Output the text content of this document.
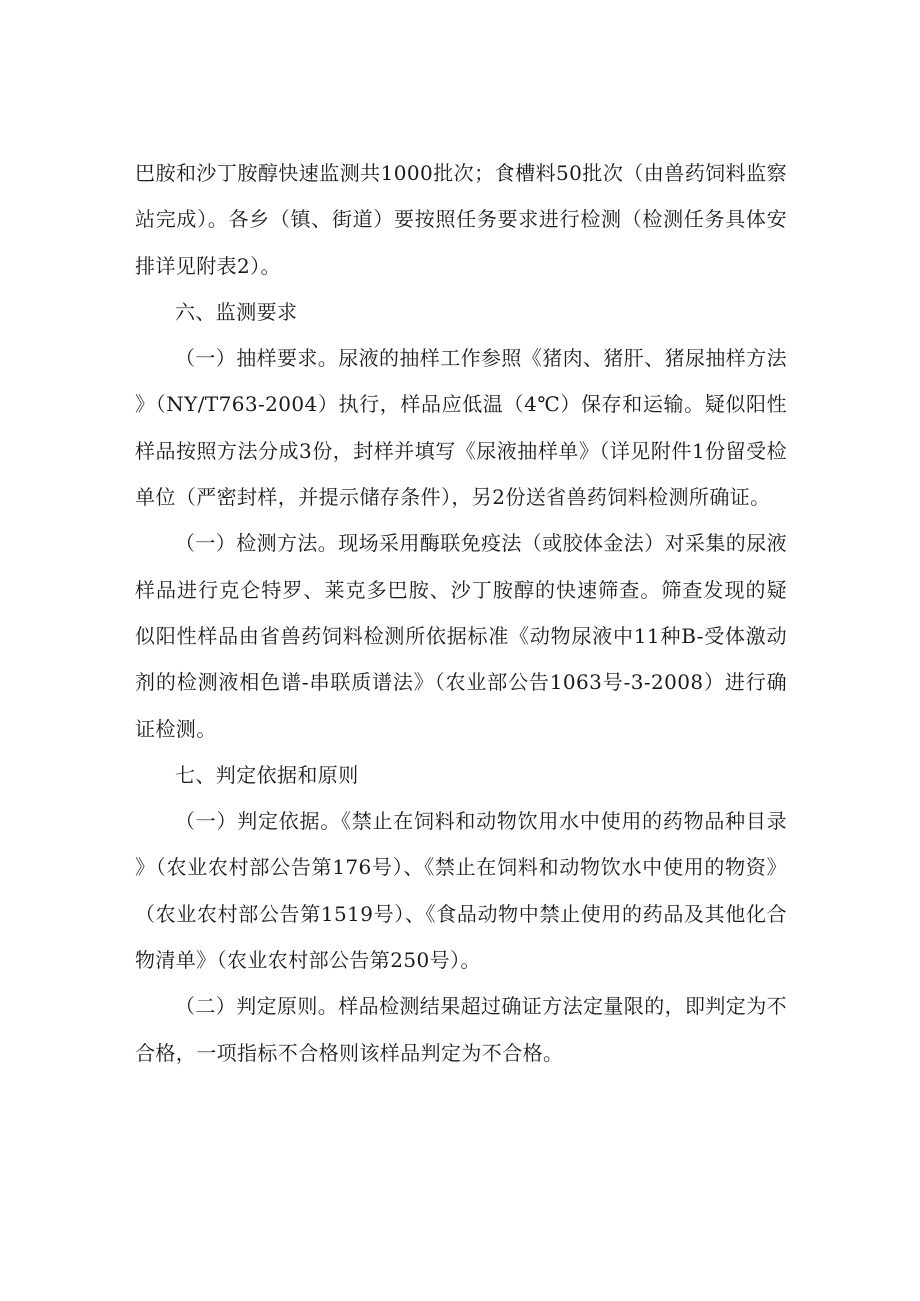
巴胺和沙丁胺醇快速监测共1000批次；食槽料50批次（由兽药饲料监察站完成）。各乡（镇、街道）要按照任务要求进行检测（检测任务具体安排详见附表2）。

六、监测要求

（一）抽样要求。尿液的抽样工作参照《猪肉、猪肝、猪尿抽样方法》（NY/T763-2004）执行，样品应低温（4℃）保存和运输。疑似阳性样品按照方法分成3份，封样并填写《尿液抽样单》（详见附件1份留受检单位（严密封样，并提示储存条件），另2份送省兽药饲料检测所确证。

（一）检测方法。现场采用酶联免疫法（或胶体金法）对采集的尿液样品进行克仑特罗、莱克多巴胺、沙丁胺醇的快速筛查。筛查发现的疑似阳性样品由省兽药饲料检测所依据标准《动物尿液中11种B-受体激动剂的检测液相色谱-串联质谱法》（农业部公告1063号-3-2008）进行确证检测。

七、判定依据和原则

（一）判定依据。《禁止在饲料和动物饮用水中使用的药物品种目录》（农业农村部公告第176号）、《禁止在饲料和动物饮水中使用的物资》（农业农村部公告第1519号）、《食品动物中禁止使用的药品及其他化合物清单》（农业农村部公告第250号）。

（二）判定原则。样品检测结果超过确证方法定量限的，即判定为不合格，一项指标不合格则该样品判定为不合格。
